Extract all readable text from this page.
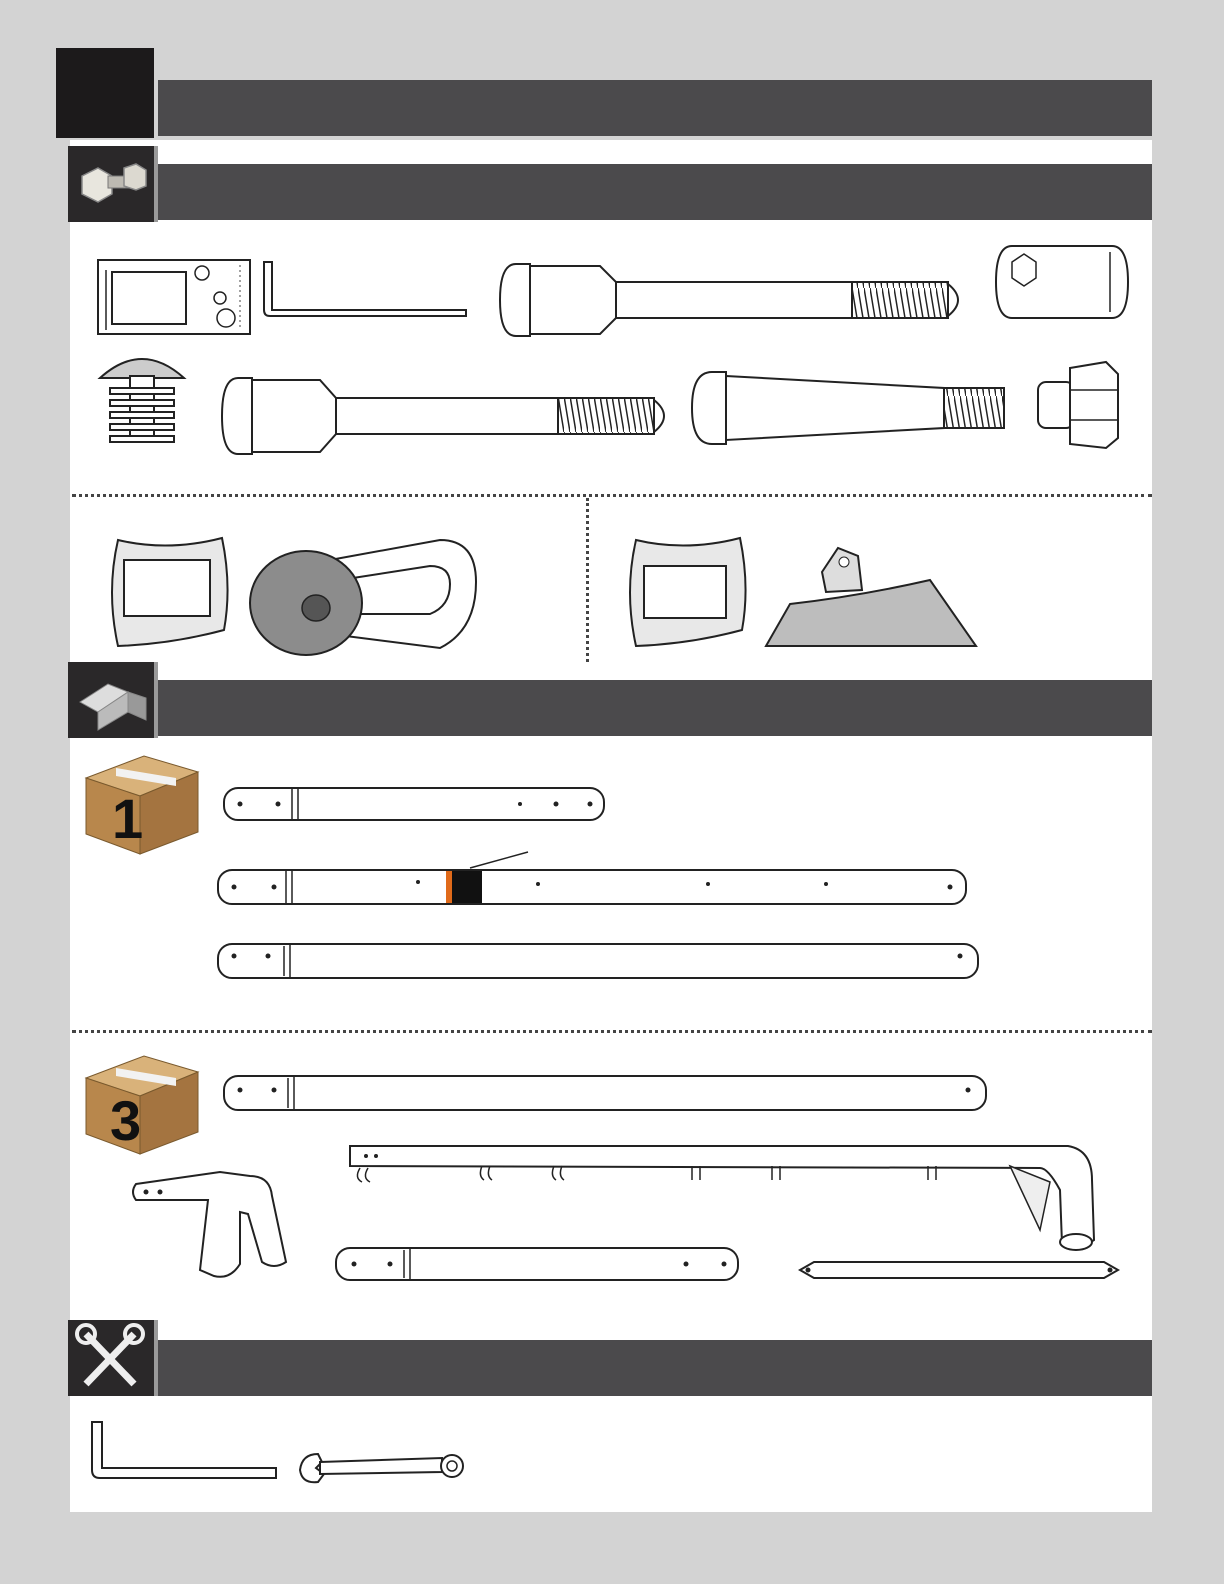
1
3
